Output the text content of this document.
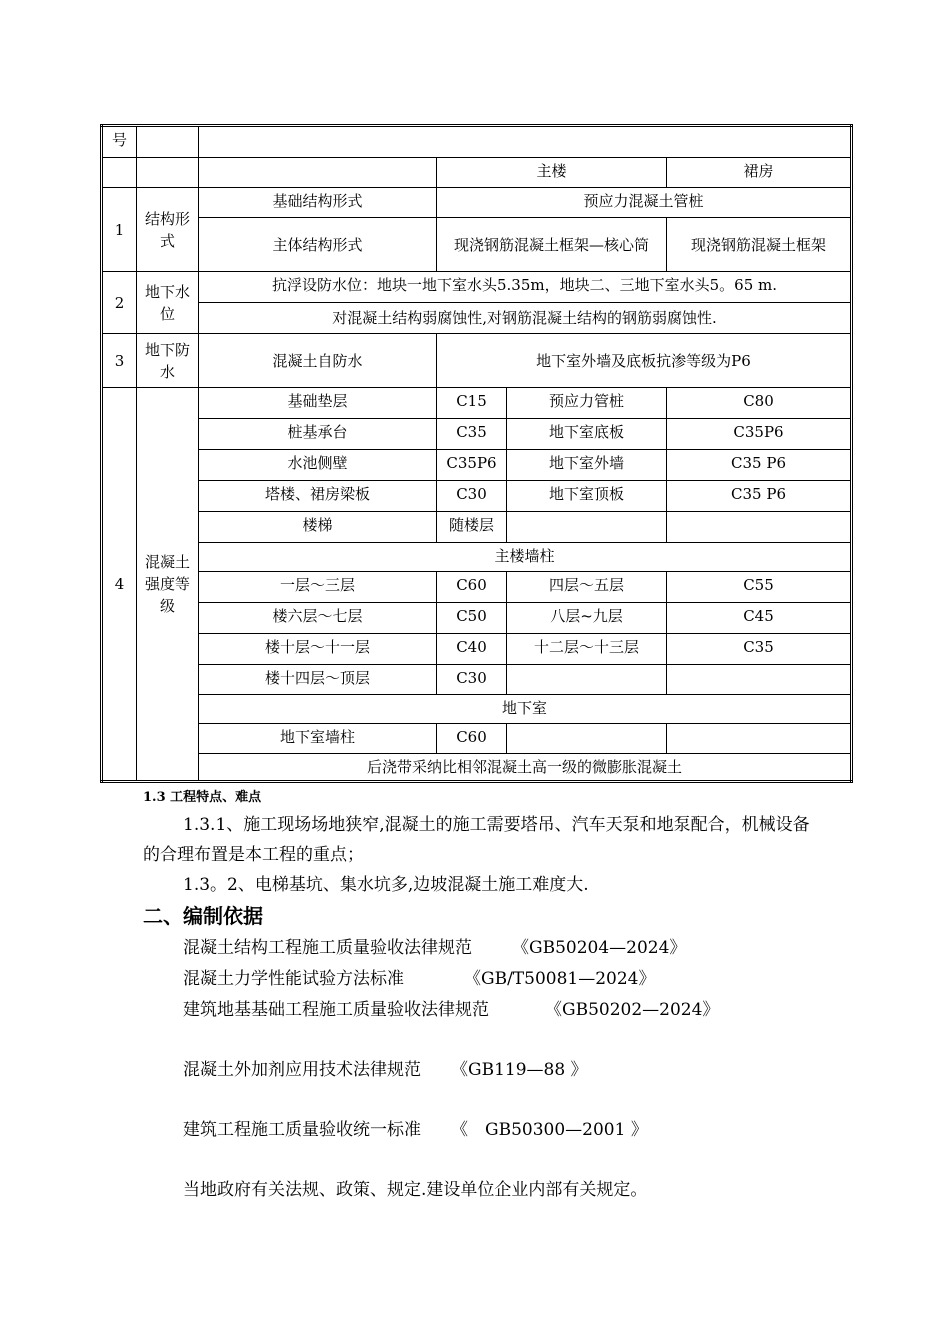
号					
			主楼		裙房
1	结构形式	基础结构形式	预应力混凝土管桩		
		主体结构形式	现浇钢筋混凝土框架—核心筒		现浇钢筋混凝土框架
2	地下水位	抗浮设防水位：地块一地下室水头5.35m，地块二、三地下室水头5。65 m.			
		对混凝土结构弱腐蚀性,对钢筋混凝土结构的钢筋弱腐蚀性.			
3	地下防水	混凝土自防水	地下室外墙及底板抗渗等级为P6		
4	混凝土强度等级	基础垫层	C15	预应力管桩	C80
		桩基承台	C35	地下室底板	C35P6
		水池侧壁	C35P6	地下室外墙	C35 P6
		塔楼、裙房梁板	C30	地下室顶板	C35 P6
		楼梯	随楼层		
		主楼墙柱			
		一层～三层	C60	四层～五层	C55
		楼六层～七层	C50	八层~九层	C45
		楼十层～十一层	C40	十二层～十三层	C35
		楼十四层～顶层	C30		
		地下室			
		地下室墙柱	C60		
		后浇带采纳比相邻混凝土高一级的微膨胀混凝土			
1.3 工程特点、难点
1.3.1、施工现场场地狭窄,混凝土的施工需要塔吊、汽车天泵和地泵配合，机械设备的合理布置是本工程的重点；
1.3。2、电梯基坑、集水坑多,边坡混凝土施工难度大.
二、编制依据
混凝土结构工程施工质量验收法律规范 《GB50204—2024》
混凝土力学性能试验方法标准	《GB/T50081—2024》
建筑地基基础工程施工质量验收法律规范	《GB50202—2024》
混凝土外加剂应用技术法律规范 《GB119—88 》
建筑工程施工质量验收统一标准 《　GB50300—2001 》
当地政府有关法规、政策、规定.建设单位企业内部有关规定。
